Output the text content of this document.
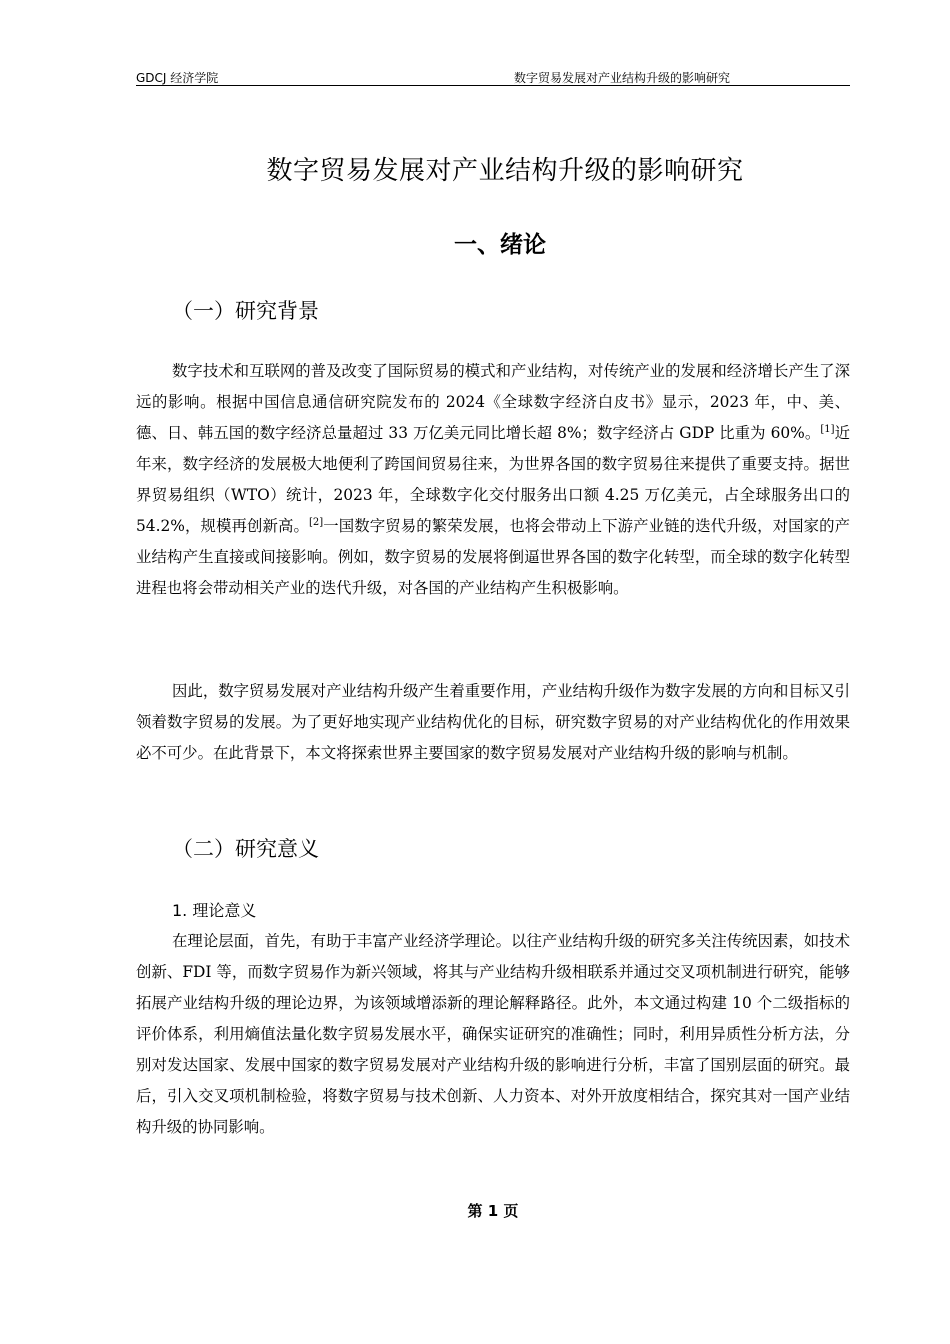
GDCJ 经济学院	数字贸易发展对产业结构升级的影响研究
数字贸易发展对产业结构升级的影响研究
一、绪论
（一）研究背景

数字技术和互联网的普及改变了国际贸易的模式和产业结构，对传统产业的发展和经济增长产生了深远的影响。根据中国信息通信研究院发布的 2024《全球数字经济白皮书》显示，2023 年，中、美、德、日、韩五国的数字经济总量超过 33 万亿美元同比增长超 8%；数字经济占 GDP 比重为 60%。[1]近年来，数字经济的发展极大地便利了跨国间贸易往来，为世界各国的数字贸易往来提供了重要支持。据世界贸易组织（WTO）统计，2023 年，全球数字化交付服务出口额 4.25 万亿美元，占全球服务出口的 54.2%，规模再创新高。[2]一国数字贸易的繁荣发展，也将会带动上下游产业链的迭代升级，对国家的产业结构产生直接或间接影响。例如，数字贸易的发展将倒逼世界各国的数字化转型，而全球的数字化转型进程也将会带动相关产业的迭代升级，对各国的产业结构产生积极影响。

因此，数字贸易发展对产业结构升级产生着重要作用，产业结构升级作为数字发展的方向和目标又引领着数字贸易的发展。为了更好地实现产业结构优化的目标，研究数字贸易的对产业结构优化的作用效果必不可少。在此背景下，本文将探索世界主要国家的数字贸易发展对产业结构升级的影响与机制。

（二）研究意义
1. 理论意义

在理论层面，首先，有助于丰富产业经济学理论。以往产业结构升级的研究多关注传统因素，如技术创新、FDI 等，而数字贸易作为新兴领域，将其与产业结构升级相联系并通过交叉项机制进行研究，能够拓展产业结构升级的理论边界，为该领域增添新的理论解释路径。此外，本文通过构建 10 个二级指标的评价体系，利用熵值法量化数字贸易发展水平，确保实证研究的准确性；同时，利用异质性分析方法，分别对发达国家、发展中国家的数字贸易发展对产业结构升级的影响进行分析，丰富了国别层面的研究。最后，引入交叉项机制检验，将数字贸易与技术创新、人力资本、对外开放度相结合，探究其对一国产业结构升级的协同影响。

第 1 页
